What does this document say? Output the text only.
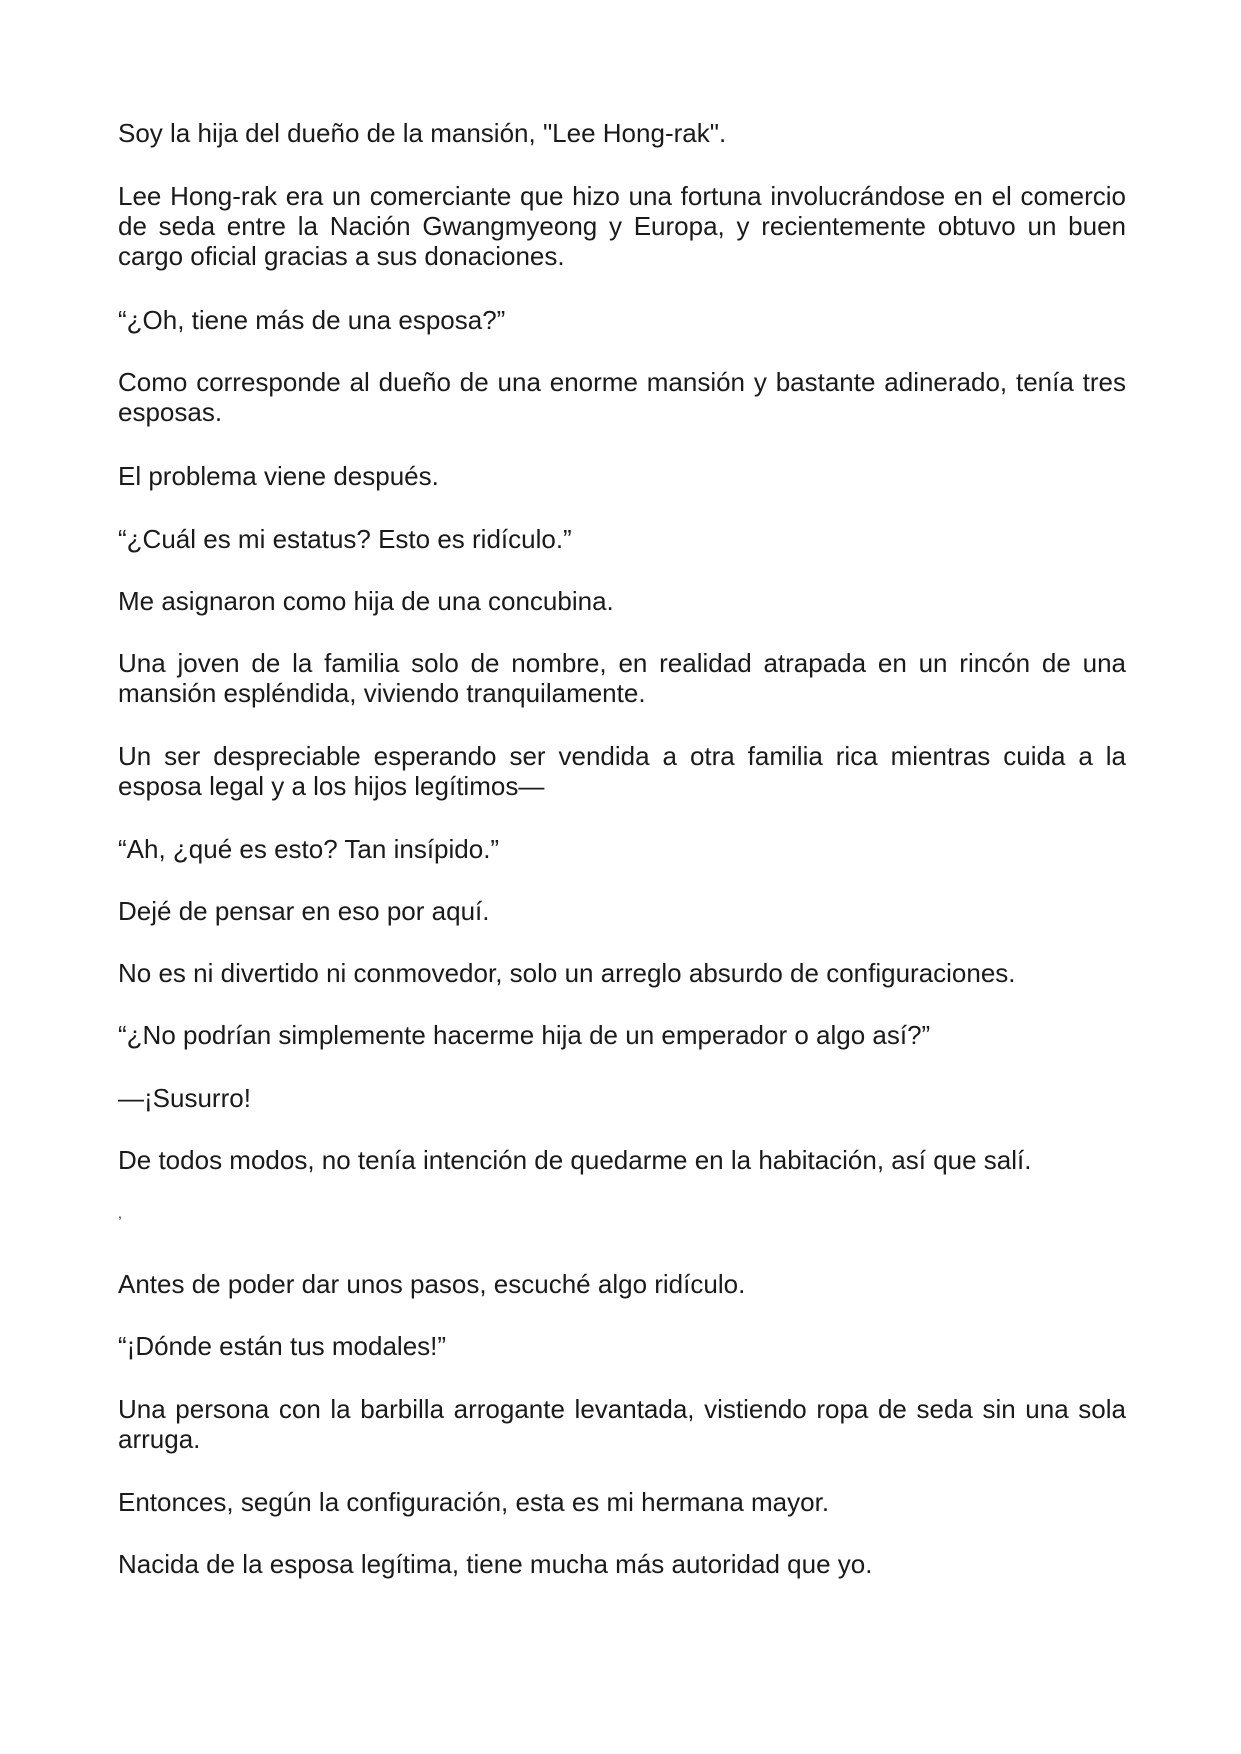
Soy la hija del dueño de la mansión, "Lee Hong-rak".

Lee Hong-rak era un comerciante que hizo una fortuna involucrándose en el comercio de seda entre la Nación Gwangmyeong y Europa, y recientemente obtuvo un buen cargo oficial gracias a sus donaciones.

“¿Oh, tiene más de una esposa?”

Como corresponde al dueño de una enorme mansión y bastante adinerado, tenía tres esposas.

El problema viene después.

“¿Cuál es mi estatus? Esto es ridículo.”

Me asignaron como hija de una concubina.

Una joven de la familia solo de nombre, en realidad atrapada en un rincón de una mansión espléndida, viviendo tranquilamente.

Un ser despreciable esperando ser vendida a otra familia rica mientras cuida a la esposa legal y a los hijos legítimos—

“Ah, ¿qué es esto? Tan insípido.”

Dejé de pensar en eso por aquí.

No es ni divertido ni conmovedor, solo un arreglo absurdo de configuraciones.

“¿No podrían simplemente hacerme hija de un emperador o algo así?”

—¡Susurro!

De todos modos, no tenía intención de quedarme en la habitación, así que salí.

,

Antes de poder dar unos pasos, escuché algo ridículo.

“¡Dónde están tus modales!”

Una persona con la barbilla arrogante levantada, vistiendo ropa de seda sin una sola arruga.

Entonces, según la configuración, esta es mi hermana mayor.

Nacida de la esposa legítima, tiene mucha más autoridad que yo.
